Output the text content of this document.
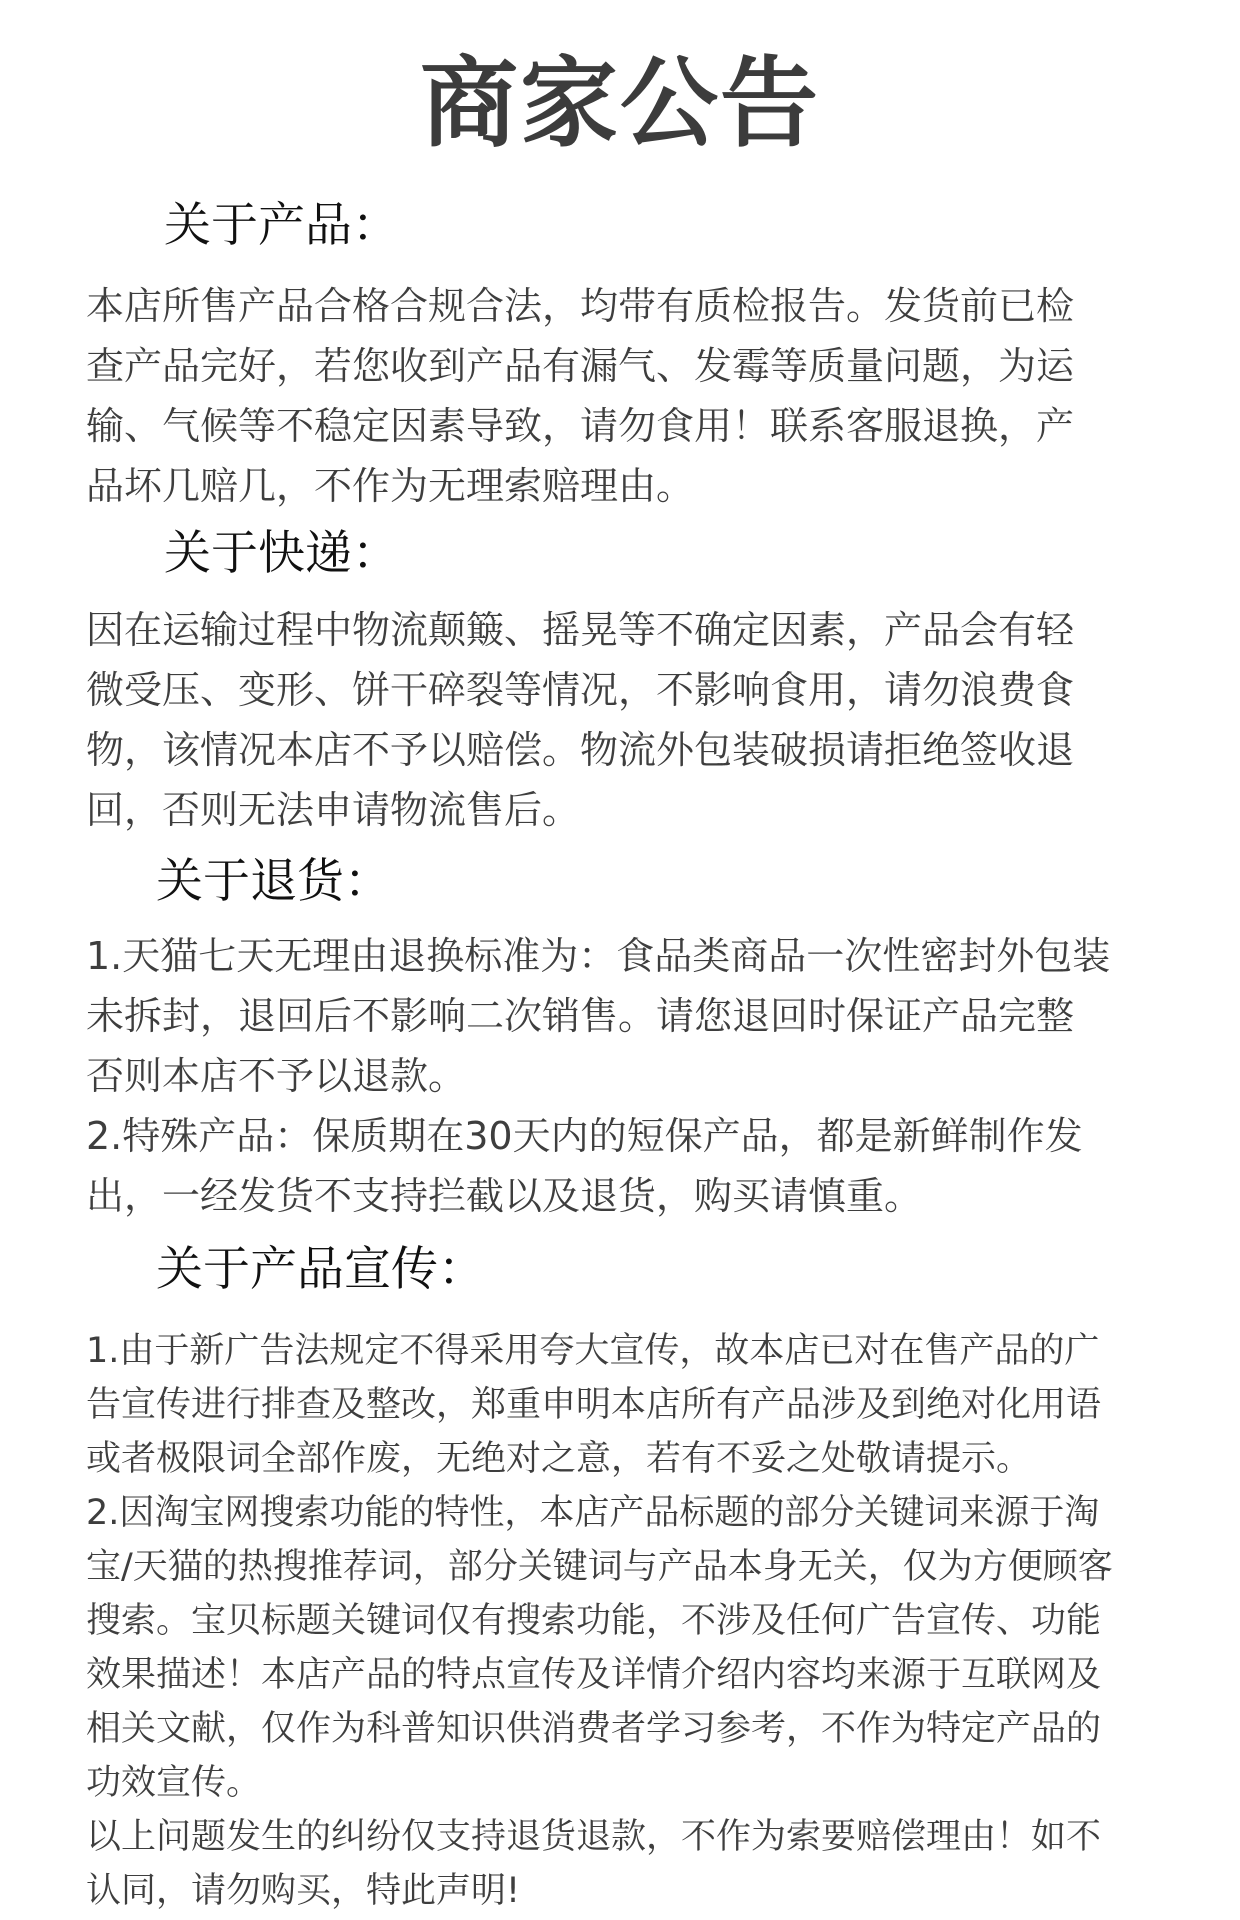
商家公告
关于产品：

本店所售产品合格合规合法，均带有质检报告。发货前已检
查产品完好，若您收到产品有漏气、发霉等质量问题，为运
输、气候等不稳定因素导致，请勿食用！联系客服退换，产
品坏几赔几，不作为无理索赔理由。

关于快递：

因在运输过程中物流颠簸、摇晃等不确定因素，产品会有轻
微受压、变形、饼干碎裂等情况，不影响食用，请勿浪费食
物，该情况本店不予以赔偿。物流外包装破损请拒绝签收退
回，否则无法申请物流售后。

关于退货：

1.天猫七天无理由退换标准为：食品类商品一次性密封外包装
未拆封，退回后不影响二次销售。请您退回时保证产品完整
否则本店不予以退款。

2.特殊产品：保质期在30天内的短保产品，都是新鲜制作发
出，一经发货不支持拦截以及退货，购买请慎重。

关于产品宣传：

1.由于新广告法规定不得采用夸大宣传，故本店已对在售产品的广
告宣传进行排查及整改，郑重申明本店所有产品涉及到绝对化用语
或者极限词全部作废，无绝对之意，若有不妥之处敬请提示。

2.因淘宝网搜索功能的特性，本店产品标题的部分关键词来源于淘
宝/天猫的热搜推荐词，部分关键词与产品本身无关，仅为方便顾客
搜索。宝贝标题关键词仅有搜索功能，不涉及任何广告宣传、功能
效果描述！本店产品的特点宣传及详情介绍内容均来源于互联网及
相关文献，仅作为科普知识供消费者学习参考，不作为特定产品的
功效宣传。

以上问题发生的纠纷仅支持退货退款，不作为索要赔偿理由！如不
认同，请勿购买，特此声明!
